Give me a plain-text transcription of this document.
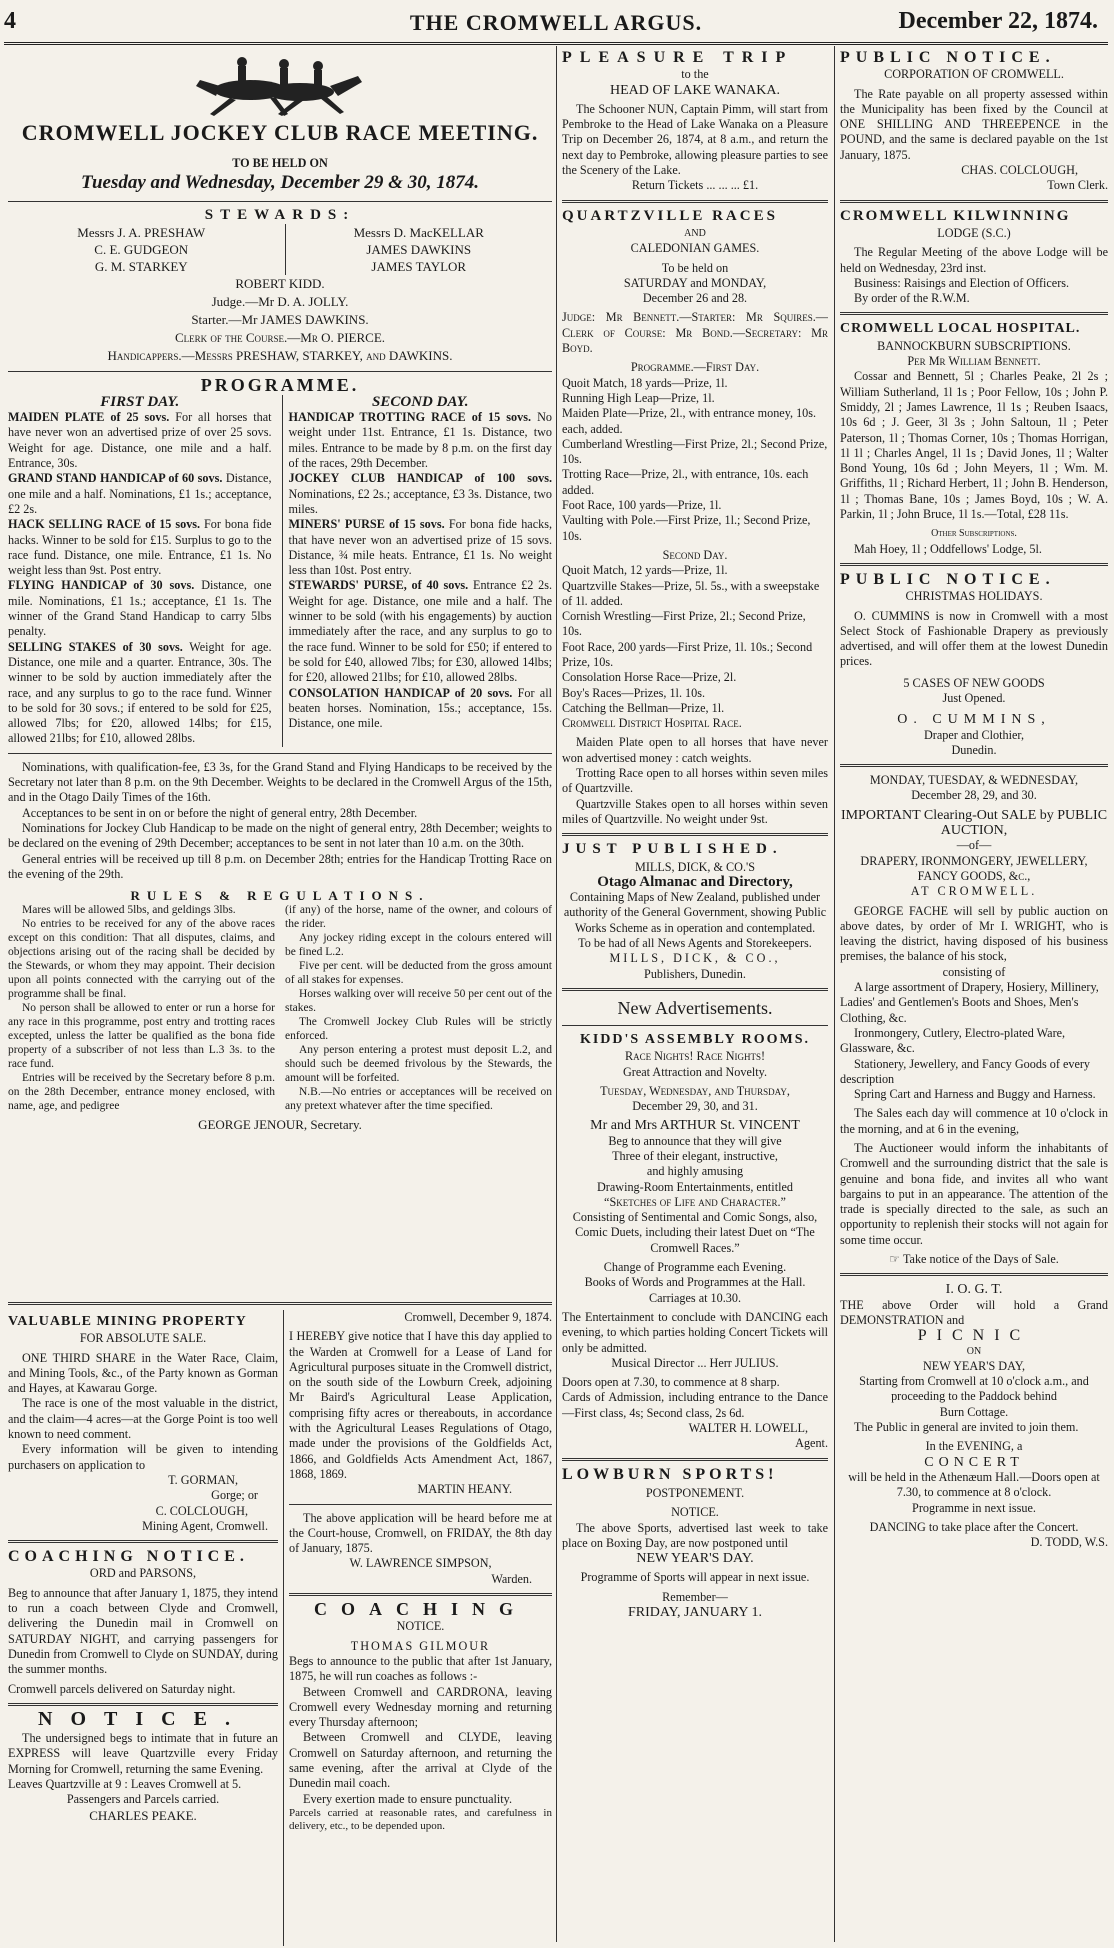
4	THE CROMWELL ARGUS.	December 22, 1874.
CROMWELL JOCKEY CLUB RACE MEETING.
TO BE HELD ON
Tuesday and Wednesday, December 29 & 30, 1874.
STEWARDS:
Messrs J. A. PRESHAW
C. E. GUDGEON
G. M. STARKEY
Messrs D. MacKELLAR
JAMES DAWKINS
JAMES TAYLOR
ROBERT KIDD.
Judge.—Mr D. A. JOLLY.
Starter.—Mr JAMES DAWKINS.
Clerk of the Course.—Mr O. PIERCE.
Handicappers.—Messrs PRESHAW, STARKEY, and DAWKINS.
PROGRAMME.
FIRST DAY.

MAIDEN PLATE of 25 sovs. For all horses that have never won an advertised prize of over 25 sovs. Weight for age. Distance, one mile and a half. Entrance, 30s.

GRAND STAND HANDICAP of 60 sovs. Distance, one mile and a half. Nominations, £1 1s.; acceptance, £2 2s.

HACK SELLING RACE of 15 sovs. For bona fide hacks. Winner to be sold for £15. Surplus to go to the race fund. Distance, one mile. Entrance, £1 1s. No weight less than 9st. Post entry.

FLYING HANDICAP of 30 sovs. Distance, one mile. Nominations, £1 1s.; acceptance, £1 1s. The winner of the Grand Stand Handicap to carry 5lbs penalty.

SELLING STAKES of 30 sovs. Weight for age. Distance, one mile and a quarter. Entrance, 30s. The winner to be sold by auction immediately after the race, and any surplus to go to the race fund. Winner to be sold for 30 sovs.; if entered to be sold for £25, allowed 7lbs; for £20, allowed 14lbs; for £15, allowed 21lbs; for £10, allowed 28lbs.

SECOND DAY.

HANDICAP TROTTING RACE of 15 sovs. No weight under 11st. Entrance, £1 1s. Distance, two miles. Entrance to be made by 8 p.m. on the first day of the races, 29th December.

JOCKEY CLUB HANDICAP of 100 sovs. Nominations, £2 2s.; acceptance, £3 3s. Distance, two miles.

MINERS' PURSE of 15 sovs. For bona fide hacks, that have never won an advertised prize of 15 sovs. Distance, ¾ mile heats. Entrance, £1 1s. No weight less than 10st. Post entry.

STEWARDS' PURSE, of 40 sovs. Entrance £2 2s. Weight for age. Distance, one mile and a half. The winner to be sold (with his engagements) by auction immediately after the race, and any surplus to go to the race fund. Winner to be sold for £50; if entered to be sold for £40, allowed 7lbs; for £30, allowed 14lbs; for £20, allowed 21lbs; for £10, allowed 28lbs.

CONSOLATION HANDICAP of 20 sovs. For all beaten horses. Nomination, 15s.; acceptance, 15s. Distance, one mile.

Nominations, with qualification-fee, £3 3s, for the Grand Stand and Flying Handicaps to be received by the Secretary not later than 8 p.m. on the 9th December. Weights to be declared in the Cromwell Argus of the 15th, and in the Otago Daily Times of the 16th.

Acceptances to be sent in on or before the night of general entry, 28th December.

Nominations for Jockey Club Handicap to be made on the night of general entry, 28th December; weights to be declared on the evening of 29th December; acceptances to be sent in not later than 10 a.m. on the 30th.

General entries will be received up till 8 p.m. on December 28th; entries for the Handicap Trotting Race on the evening of the 29th.

RULES & REGULATIONS.

Mares will be allowed 5lbs, and geldings 3lbs.

No entries to be received for any of the above races except on this condition: That all disputes, claims, and objections arising out of the racing shall be decided by the Stewards, or whom they may appoint. Their decision upon all points connected with the carrying out of the programme shall be final.

No person shall be allowed to enter or run a horse for any race in this programme, post entry and trotting races excepted, unless the latter be qualified as the bona fide property of a subscriber of not less than L.3 3s. to the race fund.

Entries will be received by the Secretary before 8 p.m. on the 28th December, entrance money enclosed, with name, age, and pedigree

(if any) of the horse, name of the owner, and colours of the rider.

Any jockey riding except in the colours entered will be fined L.2.

Five per cent. will be deducted from the gross amount of all stakes for expenses.

Horses walking over will receive 50 per cent out of the stakes.

The Cromwell Jockey Club Rules will be strictly enforced.

Any person entering a protest must deposit L.2, and should such be deemed frivolous by the Stewards, the amount will be forfeited.

N.B.—No entries or acceptances will be received on any pretext whatever after the time specified.

GEORGE JENOUR, Secretary.
VALUABLE MINING PROPERTY
FOR ABSOLUTE SALE.

ONE THIRD SHARE in the Water Race, Claim, and Mining Tools, &c., of the Party known as Gorman and Hayes, at Kawarau Gorge.

The race is one of the most valuable in the district, and the claim—4 acres—at the Gorge Point is too well known to need comment.

Every information will be given to intending purchasers on application to

T. GORMAN,

Gorge; or

C. COLCLOUGH,

Mining Agent, Cromwell.

COACHING NOTICE.
ORD and PARSONS,

Beg to announce that after January 1, 1875, they intend to run a coach between Clyde and Cromwell, delivering the Dunedin mail in Cromwell on SATURDAY NIGHT, and carrying passengers for Dunedin from Cromwell to Clyde on SUNDAY, during the summer months.

Cromwell parcels delivered on Saturday night.

NOTICE.

The undersigned begs to intimate that in future an EXPRESS will leave Quartzville every Friday Morning for Cromwell, returning the same Evening.

Leaves Quartzville at 9 : Leaves Cromwell at 5.

Passengers and Parcels carried.

CHARLES PEAKE.

Cromwell, December 9, 1874.

I HEREBY give notice that I have this day applied to the Warden at Cromwell for a Lease of Land for Agricultural purposes situate in the Cromwell district, on the south side of the Lowburn Creek, adjoining Mr Baird's Agricultural Lease Application, comprising fifty acres or thereabouts, in accordance with the Agricultural Leases Regulations of Otago, made under the provisions of the Goldfields Act, 1866, and Goldfields Acts Amendment Act, 1867, 1868, 1869.

MARTIN HEANY.

The above application will be heard before me at the Court-house, Cromwell, on FRIDAY, the 8th day of January, 1875.

W. LAWRENCE SIMPSON,

Warden.

COACHING
NOTICE.
THOMAS GILMOUR

Begs to announce to the public that after 1st January, 1875, he will run coaches as follows :-

Between Cromwell and CARDRONA, leaving Cromwell every Wednesday morning and returning every Thursday afternoon;

Between Cromwell and CLYDE, leaving Cromwell on Saturday afternoon, and returning the same evening, after the arrival at Clyde of the Dunedin mail coach.

Every exertion made to ensure punctuality.

Parcels carried at reasonable rates, and carefulness in delivery, etc., to be depended upon.

PLEASURE TRIP
to the
HEAD OF LAKE WANAKA.

The Schooner NUN, Captain Pimm, will start from Pembroke to the Head of Lake Wanaka on a Pleasure Trip on December 26, 1874, at 8 a.m., and return the next day to Pembroke, allowing pleasure parties to see the Scenery of the Lake.

Return Tickets ... ... ... £1.

QUARTZVILLE RACES
AND
CALEDONIAN GAMES.
To be held on
SATURDAY and MONDAY,
December 26 and 28.

Judge: Mr Bennett.—Starter: Mr Squires.—Clerk of Course: Mr Bond.—Secretary: Mr Boyd.

Programme.—First Day.

Quoit Match, 18 yards—Prize, 1l.

Running High Leap—Prize, 1l.

Maiden Plate—Prize, 2l., with entrance money, 10s. each, added.

Cumberland Wrestling—First Prize, 2l.; Second Prize, 10s.

Trotting Race—Prize, 2l., with entrance, 10s. each added.

Foot Race, 100 yards—Prize, 1l.

Vaulting with Pole.—First Prize, 1l.; Second Prize, 10s.

Second Day.

Quoit Match, 12 yards—Prize, 1l.

Quartzville Stakes—Prize, 5l. 5s., with a sweepstake of 1l. added.

Cornish Wrestling—First Prize, 2l.; Second Prize, 10s.

Foot Race, 200 yards—First Prize, 1l. 10s.; Second Prize, 10s.

Consolation Horse Race—Prize, 2l.

Boy's Races—Prizes, 1l. 10s.

Catching the Bellman—Prize, 1l.

Cromwell District Hospital Race.

Maiden Plate open to all horses that have never won advertised money : catch weights.

Trotting Race open to all horses within seven miles of Quartzville.

Quartzville Stakes open to all horses within seven miles of Quartzville. No weight under 9st.

JUST PUBLISHED.
MILLS, DICK, & CO.'S
Otago Almanac and Directory,

Containing Maps of New Zealand, published under authority of the General Government, showing Public Works Scheme as in operation and contemplated.

To be had of all News Agents and Storekeepers.

MILLS, DICK, & CO.,
Publishers, Dunedin.
New Advertisements.
KIDD'S ASSEMBLY ROOMS.
Race Nights! Race Nights!
Great Attraction and Novelty.
Tuesday, Wednesday, and Thursday,
December 29, 30, and 31.
Mr and Mrs ARTHUR St. VINCENT
Beg to announce that they will give
Three of their elegant, instructive,
and highly amusing
Drawing-Room Entertainments, entitled
“Sketches of Life and Character.”

Consisting of Sentimental and Comic Songs, also, Comic Duets, including their latest Duet on “The Cromwell Races.”

Change of Programme each Evening.
Books of Words and Programmes at the Hall.
Carriages at 10.30.

The Entertainment to conclude with DANCING each evening, to which parties holding Concert Tickets will only be admitted.

Musical Director ... Herr JULIUS.

Doors open at 7.30, to commence at 8 sharp.

Cards of Admission, including entrance to the Dance—First class, 4s; Second class, 2s 6d.

WALTER H. LOWELL,

Agent.

LOWBURN SPORTS!
POSTPONEMENT.
NOTICE.

The above Sports, advertised last week to take place on Boxing Day, are now postponed until

NEW YEAR'S DAY.

Programme of Sports will appear in next issue.

Remember—
FRIDAY, JANUARY 1.
PUBLIC NOTICE.
CORPORATION OF CROMWELL.

The Rate payable on all property assessed within the Municipality has been fixed by the Council at ONE SHILLING AND THREEPENCE in the POUND, and the same is declared payable on the 1st January, 1875.

CHAS. COLCLOUGH,

Town Clerk.

CROMWELL KILWINNING
LODGE (S.C.)

The Regular Meeting of the above Lodge will be held on Wednesday, 23rd inst.

Business: Raisings and Election of Officers.

By order of the R.W.M.

CROMWELL LOCAL HOSPITAL.
BANNOCKBURN SUBSCRIPTIONS.
Per Mr William Bennett.

Cossar and Bennett, 5l ; Charles Peake, 2l 2s ; William Sutherland, 1l 1s ; Poor Fellow, 10s ; John P. Smiddy, 2l ; James Lawrence, 1l 1s ; Reuben Isaacs, 10s 6d ; J. Geer, 3l 3s ; John Saltoun, 1l ; Peter Paterson, 1l ; Thomas Corner, 10s ; Thomas Horrigan, 1l 1l ; Charles Angel, 1l 1s ; David Jones, 1l ; Walter Bond Young, 10s 6d ; John Meyers, 1l ; Wm. M. Griffiths, 1l ; Richard Herbert, 1l ; John B. Henderson, 1l ; Thomas Bane, 10s ; James Boyd, 10s ; W. A. Parkin, 1l ; John Bruce, 1l 1s.—Total, £28 11s.

Other Subscriptions.

Mah Hoey, 1l ; Oddfellows' Lodge, 5l.

PUBLIC NOTICE.
CHRISTMAS HOLIDAYS.

O. CUMMINS is now in Cromwell with a most Select Stock of Fashionable Drapery as previously advertised, and will offer them at the lowest Dunedin prices.

5 CASES OF NEW GOODS
Just Opened.
O. CUMMINS,
Draper and Clothier,
Dunedin.
MONDAY, TUESDAY, & WEDNESDAY,
December 28, 29, and 30.
IMPORTANT Clearing-Out SALE by PUBLIC AUCTION,
—of—
DRAPERY, IRONMONGERY, JEWELLERY, FANCY GOODS, &c.,
AT CROMWELL.

GEORGE FACHE will sell by public auction on above dates, by order of Mr I. WRIGHT, who is leaving the district, having disposed of his business premises, the balance of his stock,

consisting of

A large assortment of Drapery, Hosiery, Millinery, Ladies' and Gentlemen's Boots and Shoes, Men's Clothing, &c.

Ironmongery, Cutlery, Electro-plated Ware, Glassware, &c.

Stationery, Jewellery, and Fancy Goods of every description

Spring Cart and Harness and Buggy and Harness.

The Sales each day will commence at 10 o'clock in the morning, and at 6 in the evening,

The Auctioneer would inform the inhabitants of Cromwell and the surrounding district that the sale is genuine and bona fide, and invites all who want bargains to put in an appearance. The attention of the trade is specially directed to the sale, as such an opportunity to replenish their stocks will not again for some time occur.

☞ Take notice of the Days of Sale.

I. O. G. T.

THE above Order will hold a Grand DEMONSTRATION and

PICNIC
ON
NEW YEAR'S DAY,

Starting from Cromwell at 10 o'clock a.m., and proceeding to the Paddock behind

Burn Cottage.

The Public in general are invited to join them.

In the EVENING, a
CONCERT

will be held in the Athenæum Hall.—Doors open at 7.30, to commence at 8 o'clock.

Programme in next issue.
DANCING to take place after the Concert.

D. TODD, W.S.
